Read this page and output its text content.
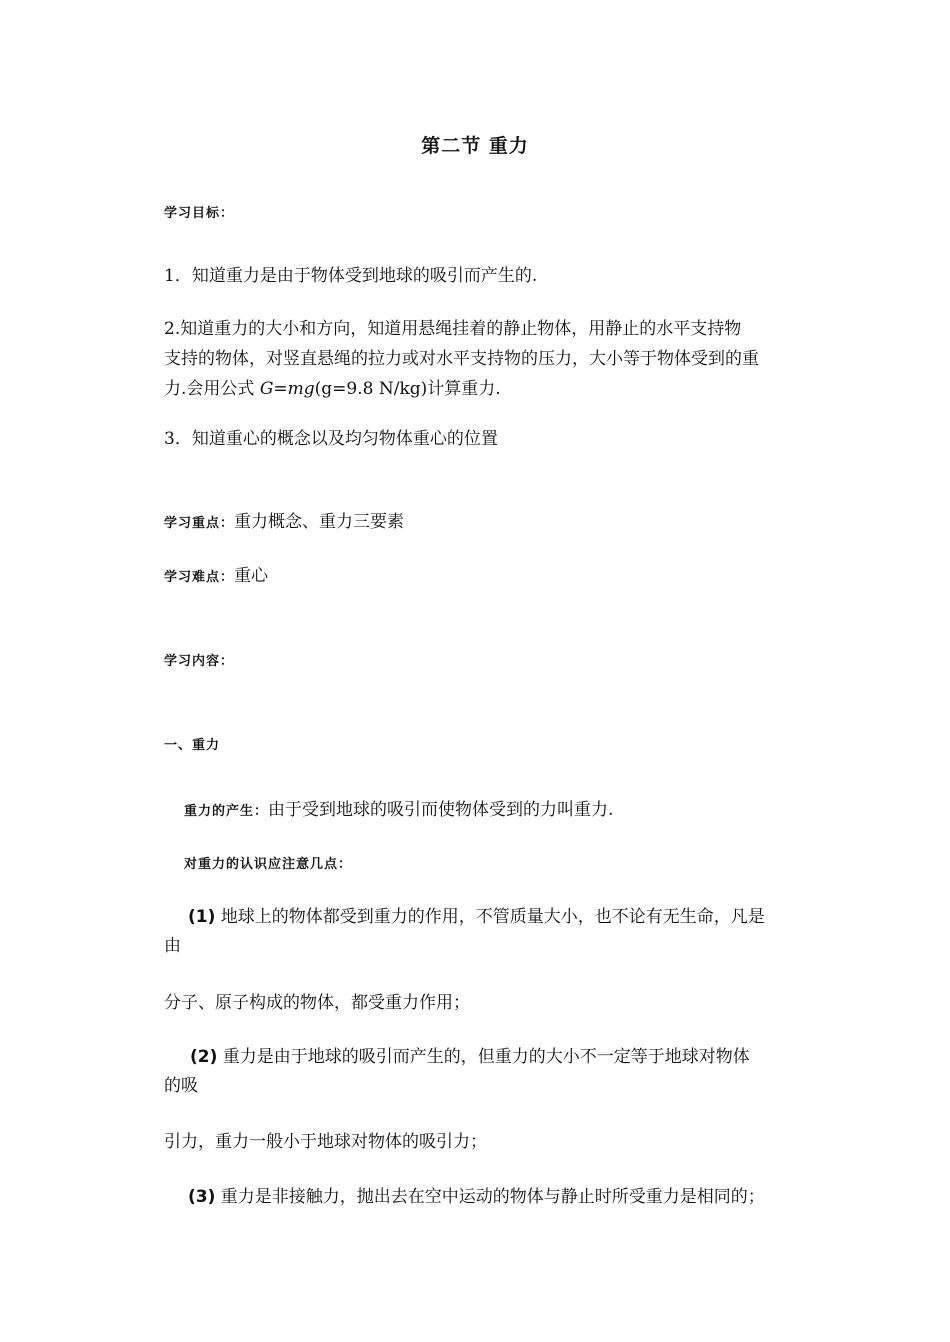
第二节 重力
学习目标：
1．知道重力是由于物体受到地球的吸引而产生的.
2.知道重力的大小和方向，知道用悬绳挂着的静止物体，用静止的水平支持物
支持的物体，对竖直悬绳的拉力或对水平支持物的压力，大小等于物体受到的重
力.会用公式 G=mg(g=9.8 N/kg)计算重力.
3．知道重心的概念以及均匀物体重心的位置
学习重点：重力概念、重力三要素
学习难点：重心
学习内容：
一、重力
重力的产生：由于受到地球的吸引而使物体受到的力叫重力.
对重力的认识应注意几点：
(1) 地球上的物体都受到重力的作用，不管质量大小，也不论有无生命，凡是
由
分子、原子构成的物体，都受重力作用；
(2) 重力是由于地球的吸引而产生的，但重力的大小不一定等于地球对物体
的吸
引力，重力一般小于地球对物体的吸引力；
(3) 重力是非接触力，抛出去在空中运动的物体与静止时所受重力是相同的；
